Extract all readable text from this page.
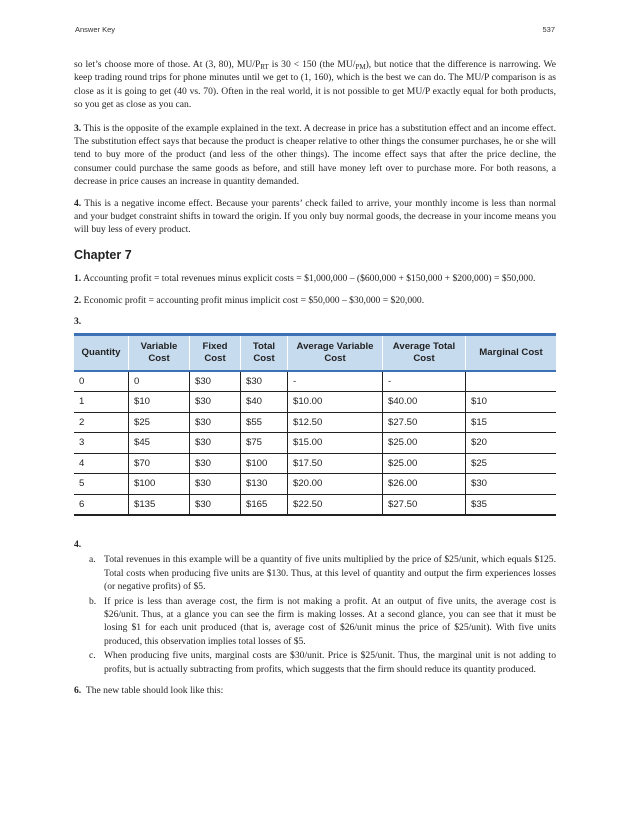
Answer Key	537

so let’s choose more of those. At (3, 80), $MU/P_{RT}$ is 30 < 150 (the $MU/_{PM}$), but notice that the difference is narrowing. We keep trading round trips for phone minutes until we get to (1, 160), which is the best we can do. The MU/P comparison is as close as it is going to get (40 vs. 70). Often in the real world, it is not possible to get MU/P exactly equal for both products, so you get as close as you can.

3. This is the opposite of the example explained in the text. A decrease in price has a substitution effect and an income effect. The substitution effect says that because the product is cheaper relative to other things the consumer purchases, he or she will tend to buy more of the product (and less of the other things). The income effect says that after the price decline, the consumer could purchase the same goods as before, and still have money left over to purchase more. For both reasons, a decrease in price causes an increase in quantity demanded.

4. This is a negative income effect. Because your parents’ check failed to arrive, your monthly income is less than normal and your budget constraint shifts in toward the origin. If you only buy normal goods, the decrease in your income means you will buy less of every product.

Chapter 7

1. Accounting profit = total revenues minus explicit costs = $1,000,000 – ($600,000 + $150,000 + $200,000) = $50,000.

2. Economic profit = accounting profit minus implicit cost = $50,000 – $30,000 = $20,000.

3.

Quantity	Variable Cost	Fixed Cost	Total Cost	Average Variable Cost	Average Total Cost	Marginal Cost
0	0	$30	$30	-	-	
1	$10	$30	$40	$10.00	$40.00	$10
2	$25	$30	$55	$12.50	$27.50	$15
3	$45	$30	$75	$15.00	$25.00	$20
4	$70	$30	$100	$17.50	$25.00	$25
5	$100	$30	$130	$20.00	$26.00	$30
6	$135	$30	$165	$22.50	$27.50	$35

4.

a. Total revenues in this example will be a quantity of five units multiplied by the price of $25/unit, which equals $125. Total costs when producing five units are $130. Thus, at this level of quantity and output the firm experiences losses (or negative profits) of $5.
b. If price is less than average cost, the firm is not making a profit. At an output of five units, the average cost is $26/unit. Thus, at a glance you can see the firm is making losses. At a second glance, you can see that it must be losing $1 for each unit produced (that is, average cost of $26/unit minus the price of $25/unit). With five units produced, this observation implies total losses of $5.
c. When producing five units, marginal costs are $30/unit. Price is $25/unit. Thus, the marginal unit is not adding to profits, but is actually subtracting from profits, which suggests that the firm should reduce its quantity produced.

6. The new table should look like this:
